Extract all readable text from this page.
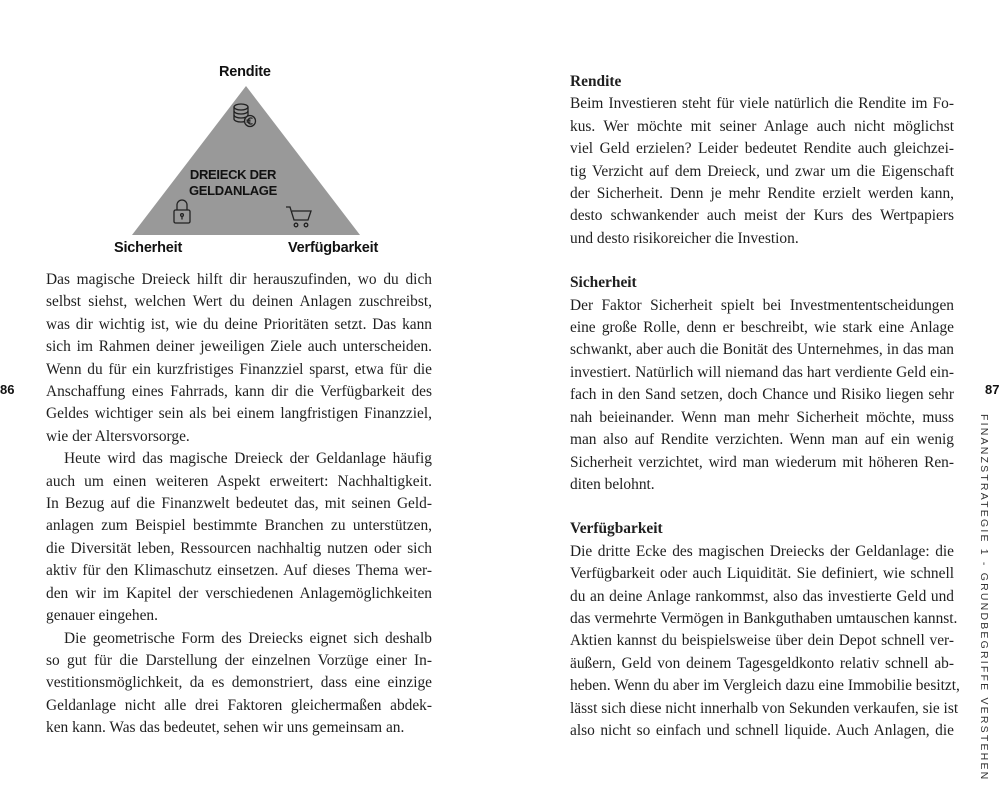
Rendite
Sicherheit	Verfügbarkeit
DREIECK DER
GELDANLAGE

Das magische Dreieck hilft dir herauszufinden, wo du dich
selbst siehst, welchen Wert du deinen Anlagen zuschreibst,
was dir wichtig ist, wie du deine Prioritäten setzt. Das kann
sich im Rahmen deiner jeweiligen Ziele auch unterscheiden.
Wenn du für ein kurzfristiges Finanzziel sparst, etwa für die
Anschaffung eines Fahrrads, kann dir die Verfügbarkeit des
Geldes wichtiger sein als bei einem langfristigen Finanzziel,
wie der Altersvorsorge.

Heute wird das magische Dreieck der Geldanlage häufig
auch um einen weiteren Aspekt erweitert: Nachhaltigkeit.
In Bezug auf die Finanzwelt bedeutet das, mit seinen Geld-
anlagen zum Beispiel bestimmte Branchen zu unterstützen,
die Diversität leben, Ressourcen nachhaltig nutzen oder sich
aktiv für den Klimaschutz einsetzen. Auf dieses Thema wer-
den wir im Kapitel der verschiedenen Anlagemöglichkeiten
genauer eingehen.

Die geometrische Form des Dreiecks eignet sich deshalb
so gut für die Darstellung der einzelnen Vorzüge einer In-
vestitionsmöglichkeit, da es demonstriert, dass eine einzige
Geldanlage nicht alle drei Faktoren gleichermaßen abdek-
ken kann. Was das bedeutet, sehen wir uns gemeinsam an.

Rendite
Beim Investieren steht für viele natürlich die Rendite im Fo-
kus. Wer möchte mit seiner Anlage auch nicht möglichst
viel Geld erzielen? Leider bedeutet Rendite auch gleichzei-
tig Verzicht auf dem Dreieck, und zwar um die Eigenschaft
der Sicherheit. Denn je mehr Rendite erzielt werden kann,
desto schwankender auch meist der Kurs des Wertpapiers
und desto risikoreicher die Investion.

Sicherheit
Der Faktor Sicherheit spielt bei Investmententscheidungen
eine große Rolle, denn er beschreibt, wie stark eine Anlage
schwankt, aber auch die Bonität des Unternehmes, in das man
investiert. Natürlich will niemand das hart verdiente Geld ein-
fach in den Sand setzen, doch Chance und Risiko liegen sehr
nah beieinander. Wenn man mehr Sicherheit möchte, muss
man also auf Rendite verzichten. Wenn man auf ein wenig
Sicherheit verzichtet, wird man wiederum mit höheren Ren-
diten belohnt.

Verfügbarkeit
Die dritte Ecke des magischen Dreiecks der Geldanlage: die
Verfügbarkeit oder auch Liquidität. Sie definiert, wie schnell
du an deine Anlage rankommst, also das investierte Geld und
das vermehrte Vermögen in Bankguthaben umtauschen kannst.
Aktien kannst du beispielsweise über dein Depot schnell ver-
äußern, Geld von deinem Tagesgeldkonto relativ schnell ab-
heben. Wenn du aber im Vergleich dazu eine Immobilie besitzt,
lässt sich diese nicht innerhalb von Sekunden verkaufen, sie ist
also nicht so einfach und schnell liquide. Auch Anlagen, die

86	87
FINANZSTRATEGIE 1 - GRUNDBEGRIFFE VERSTEHEN
